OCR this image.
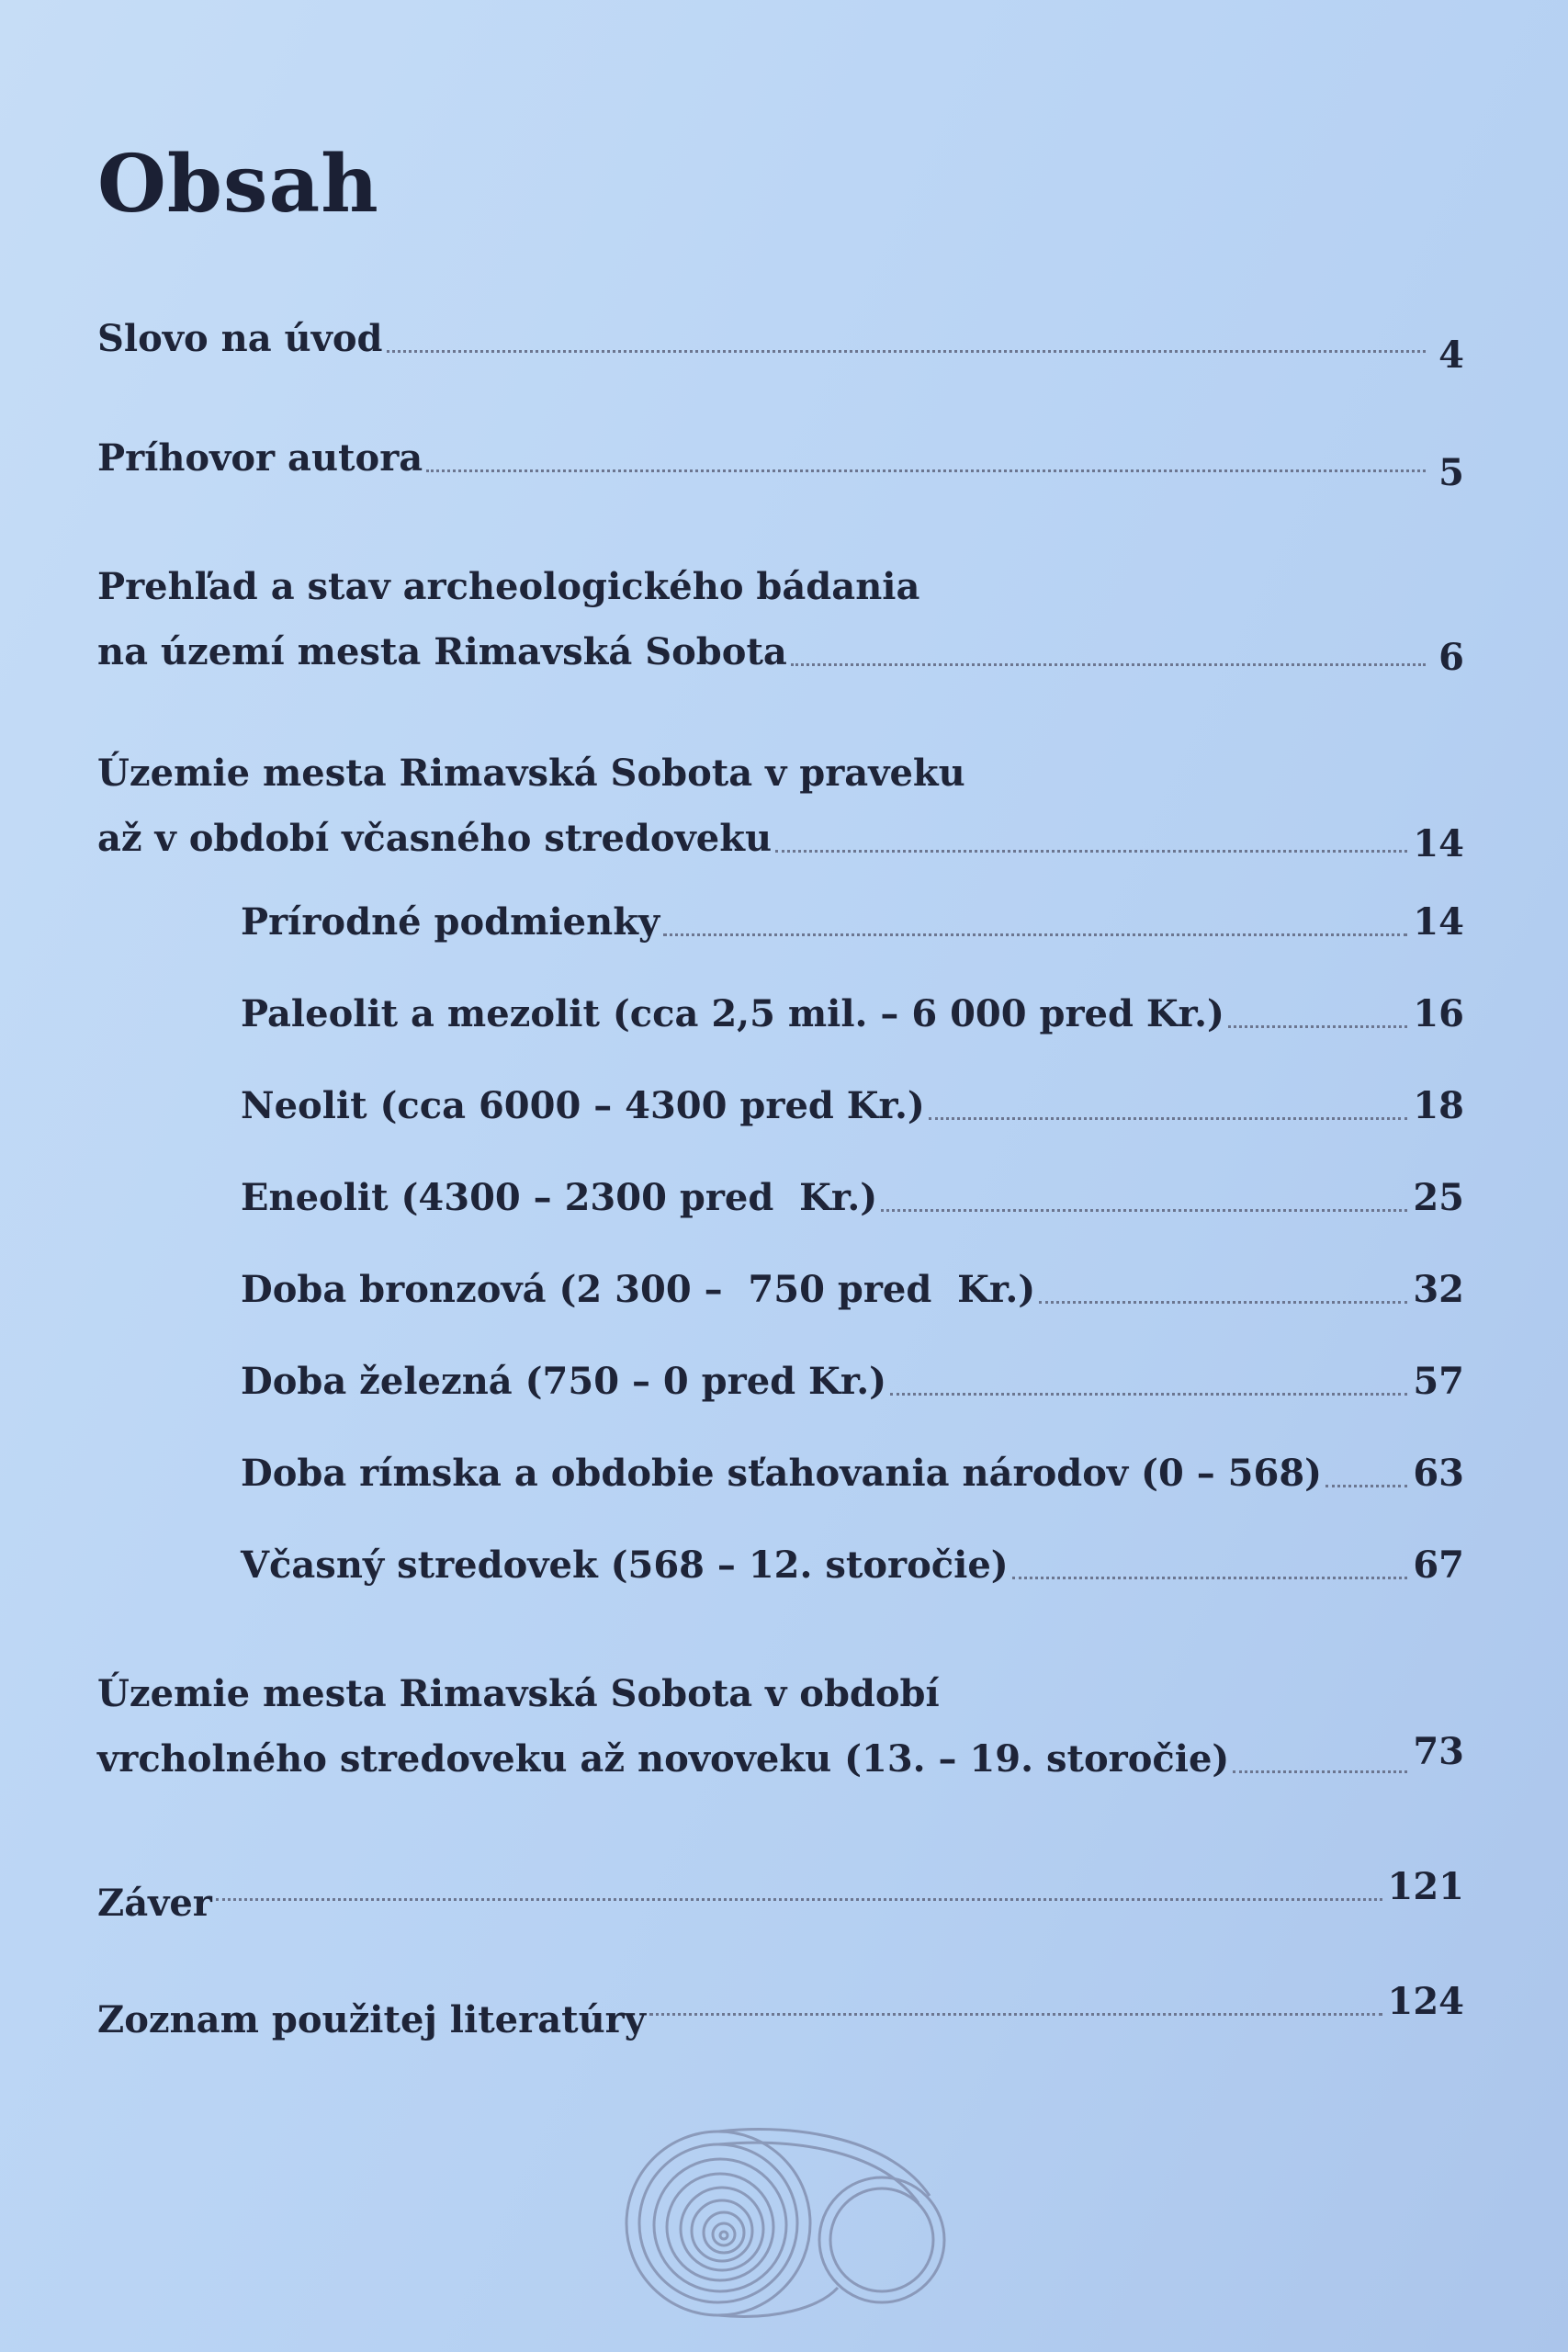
Obsah
Slovo na úvod	4
Príhovor autora	5
Prehľad a stav archeologického bádania
na území mesta Rimavská Sobota	6
Územie mesta Rimavská Sobota v praveku
až v období včasného stredoveku	14
Prírodné podmienky	14
Paleolit a mezolit (cca 2,5 mil. – 6 000 pred Kr.)	16
Neolit (cca 6000 – 4300 pred Kr.)	18
Eneolit (4300 – 2300 pred  Kr.)	25
Doba bronzová (2 300 –  750 pred  Kr.)	32
Doba železná (750 – 0 pred Kr.)	57
Doba rímska a obdobie sťahovania národov (0 – 568) 63
Včasný stredovek (568 – 12. storočie)	67
Územie mesta Rimavská Sobota v období
vrcholného stredoveku až novoveku (13. – 19. storočie)	73
Záver	121
Zoznam použitej literatúry	124
